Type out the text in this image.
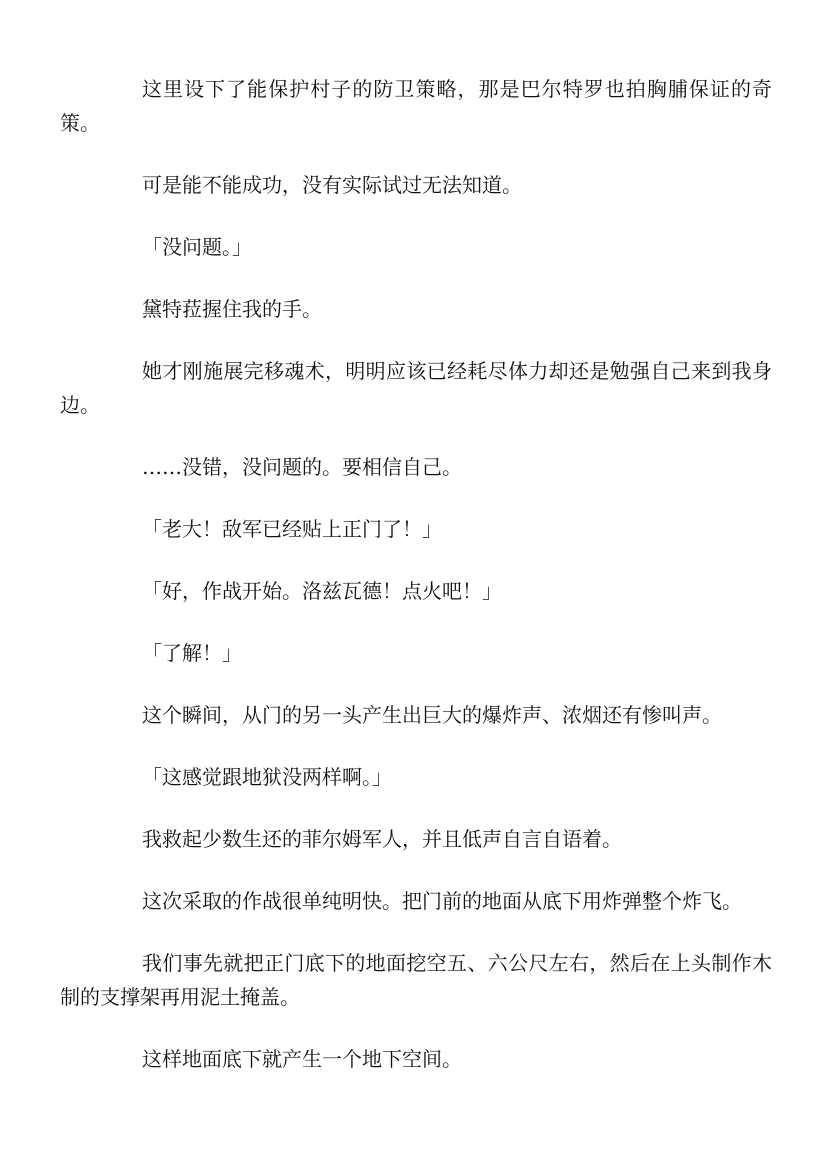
这里设下了能保护村子的防卫策略，那是巴尔特罗也拍胸脯保证的奇策。

可是能不能成功，没有实际试过无法知道。

「没问题。」

黛特菈握住我的手。

她才刚施展完移魂术，明明应该已经耗尽体力却还是勉强自己来到我身边。

……没错，没问题的。要相信自己。

「老大！敌军已经贴上正门了！」

「好，作战开始。洛兹瓦德！点火吧！」

「了解！」

这个瞬间，从门的另一头产生出巨大的爆炸声、浓烟还有惨叫声。

「这感觉跟地狱没两样啊。」

我救起少数生还的菲尔姆军人，并且低声自言自语着。

这次采取的作战很单纯明快。把门前的地面从底下用炸弹整个炸飞。

我们事先就把正门底下的地面挖空五、六公尺左右，然后在上头制作木制的支撑架再用泥土掩盖。

这样地面底下就产生一个地下空间。
